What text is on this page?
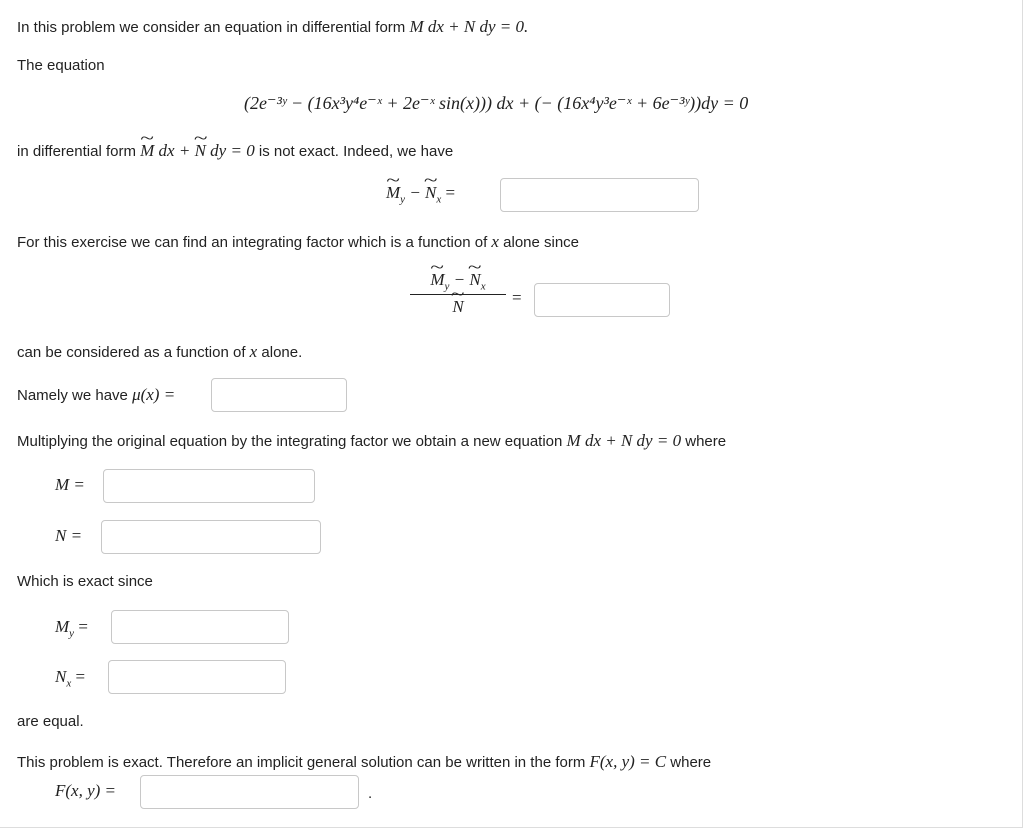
In this problem we consider an equation in differential form M dx + N dy = 0.
The equation
(2e⁻³ʸ − (16x³y⁴e⁻ˣ + 2e⁻ˣ sin(x))) dx + (− (16x⁴y³e⁻ˣ + 6e⁻³ʸ))dy = 0
in differential form ~ M dx + ~ N dy = 0 is not exact. Indeed, we have
~ $M_y$ − ~ $N_x$ =
For this exercise we can find an integrating factor which is a function of x alone since
~ $M_y$ − ~ $N_x$
~ N =
can be considered as a function of x alone.
Namely we have μ(x) =
Multiplying the original equation by the integrating factor we obtain a new equation M dx + N dy = 0 where
M =
N =
Which is exact since
$M_y$ =
$N_x$ =
are equal.
This problem is exact. Therefore an implicit general solution can be written in the form F(x, y) = C where
F(x, y) =	.
